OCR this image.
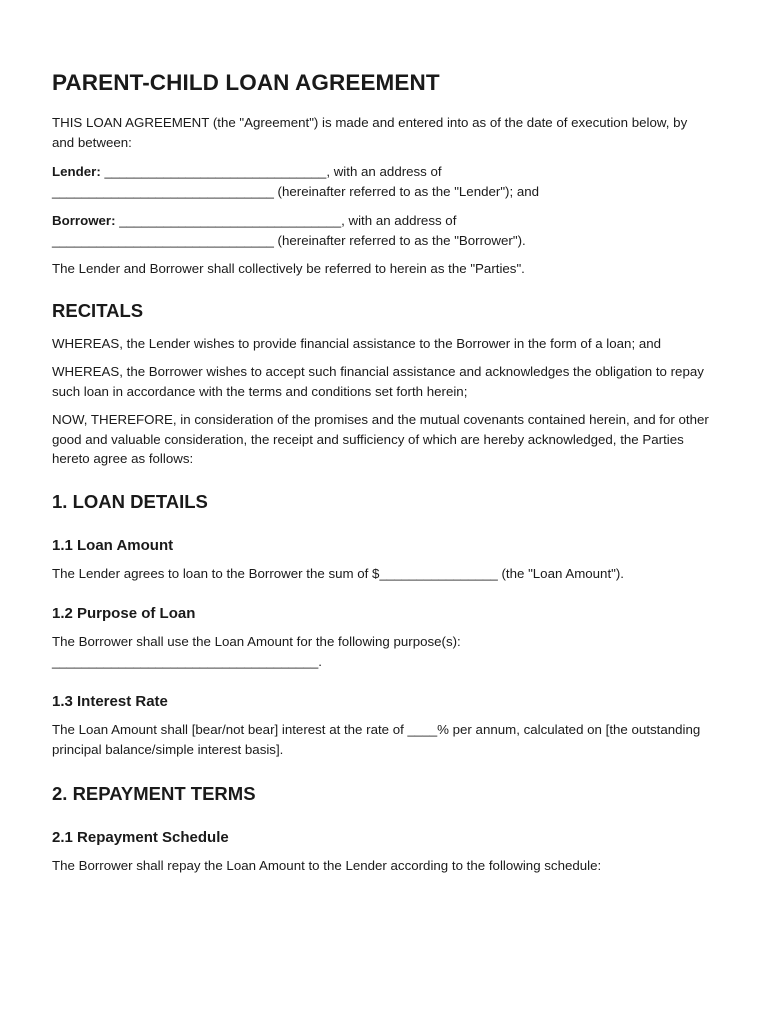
PARENT-CHILD LOAN AGREEMENT

THIS LOAN AGREEMENT (the "Agreement") is made and entered into as of the date of execution below, by and between:

Lender: ______________________________, with an address of
______________________________ (hereinafter referred to as the "Lender"); and

Borrower: ______________________________, with an address of
______________________________ (hereinafter referred to as the "Borrower").

The Lender and Borrower shall collectively be referred to herein as the "Parties".

RECITALS

WHEREAS, the Lender wishes to provide financial assistance to the Borrower in the form of a loan; and

WHEREAS, the Borrower wishes to accept such financial assistance and acknowledges the obligation to repay such loan in accordance with the terms and conditions set forth herein;

NOW, THEREFORE, in consideration of the promises and the mutual covenants contained herein, and for other good and valuable consideration, the receipt and sufficiency of which are hereby acknowledged, the Parties hereto agree as follows:

1. LOAN DETAILS
1.1 Loan Amount

The Lender agrees to loan to the Borrower the sum of $________________ (the "Loan Amount").

1.2 Purpose of Loan

The Borrower shall use the Loan Amount for the following purpose(s):
____________________________________.

1.3 Interest Rate

The Loan Amount shall [bear/not bear] interest at the rate of ____% per annum, calculated on [the outstanding principal balance/simple interest basis].

2. REPAYMENT TERMS
2.1 Repayment Schedule

The Borrower shall repay the Loan Amount to the Lender according to the following schedule:
